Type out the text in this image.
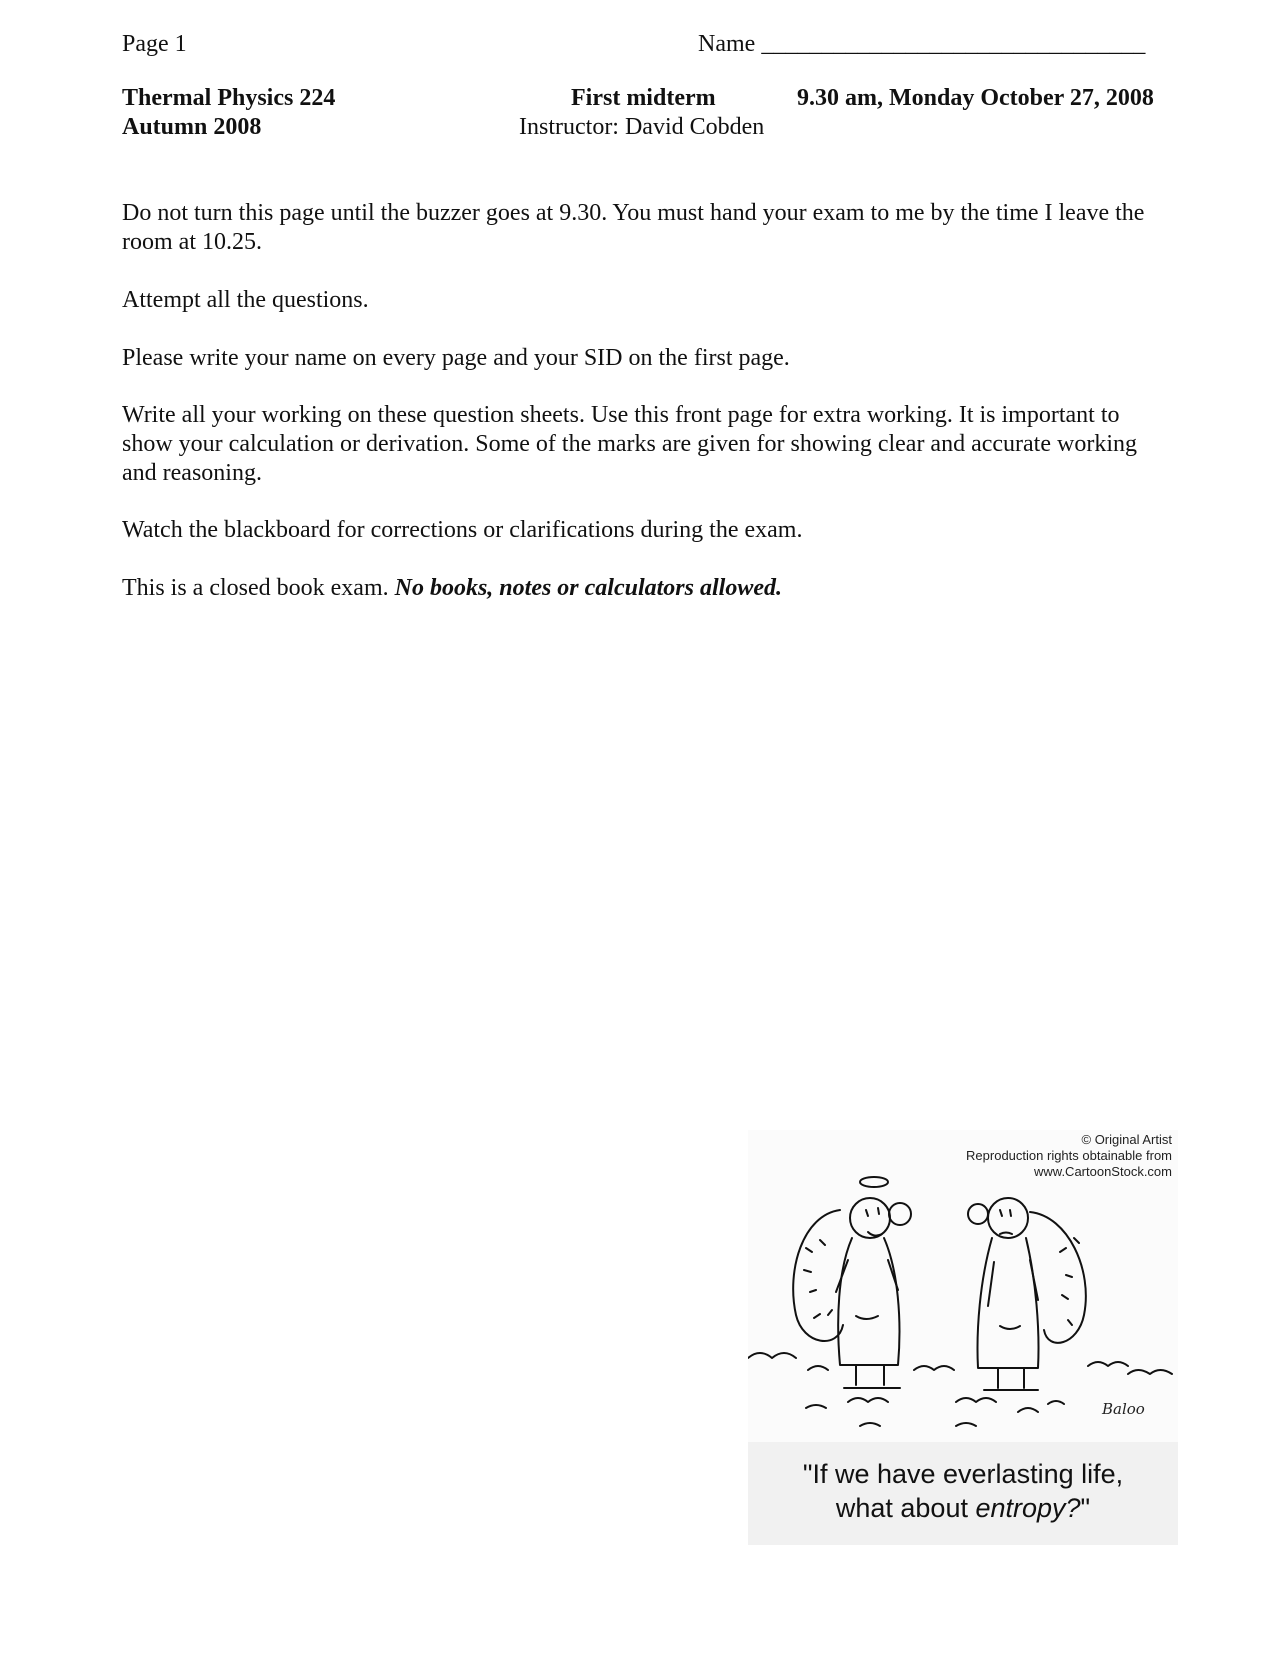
Page 1	Name ________________________________
Thermal Physics 224
Autumn 2008
First midterm
Instructor: David Cobden
9.30 am, Monday October 27, 2008
Do not turn this page until the buzzer goes at 9.30. You must hand your exam to me by the time I leave the room at 10.25.
Attempt all the questions.
Please write your name on every page and your SID on the first page.
Write all your working on these question sheets. Use this front page for extra working. It is important to show your calculation or derivation. Some of the marks are given for showing clear and accurate working and reasoning.
Watch the blackboard for corrections or clarifications during the exam.
This is a closed book exam. No books, notes or calculators allowed.
© Original Artist
Reproduction rights obtainable from
www.CartoonStock.com
Baloo
"If we have everlasting life,
what about entropy?"
